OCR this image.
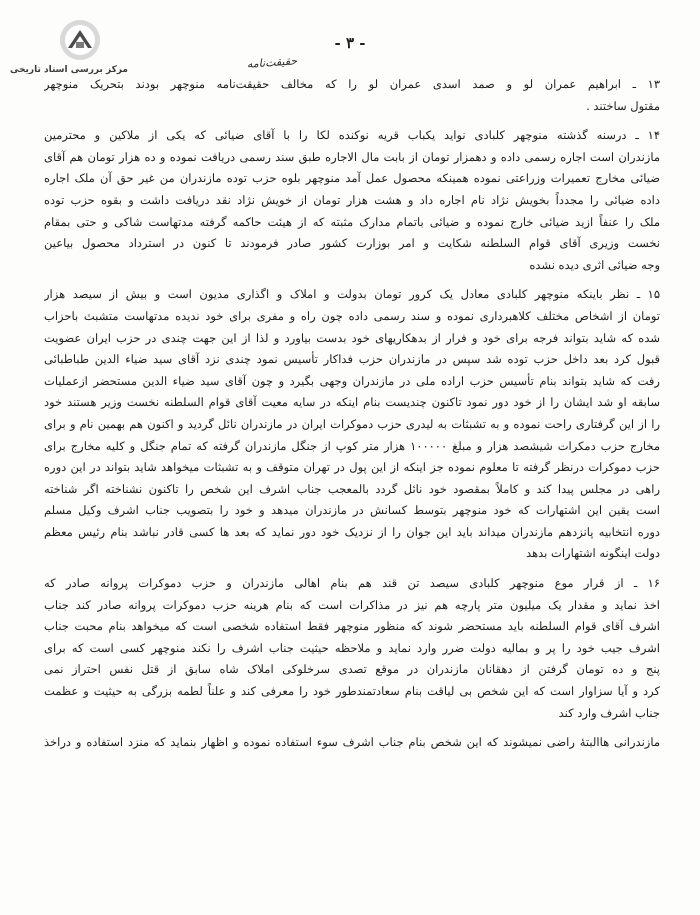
مرکز بررسی اسناد تاریخی
- ۳ -
حقیقت‌نامه
۱۳ ـ ابراهیم عمران لو و صمد اسدی عمران لو را که مخالف حقیقت‌نامه منوچهر بودند بتحریک منوچهر
مقتول ساختند .
۱۴ ـ درسنه گذشته منوچهر کلبادی نواید یکباب قریه نوکنده لکا را با آقای ضیائی که یکی از ملاکین و محترمین
مازندران است اجاره رسمی داده و دهمزار تومان از بابت مال الاجاره طبق سند رسمی دریافت نموده و ده هزار تومان هم آقای
ضیائی مخارج تعمیرات وزراعتی نموده همینکه محصول عمل آمد منوچهر بلوه حزب توده مازندران من غیر حق آن ملک اجاره
داده ضیائی را مجدداً بخویش نژاد نام اجاره داد و هشت هزار تومان از خویش نژاد نقد دریافت داشت و بقوه حزب توده
ملک را عنفاً ازید ضیائی خارج نموده و ضیائی باتمام مدارک مثبته که از هیئت حاکمه گرفته مدتهاست شاکی و حتی بمقام
نخست وزیری آقای قوام السلطنه شکایت و امر بوزارت کشور صادر فرمودند تا کنون در استرداد محصول بیاعین
وجه ضیائی اثری دیده نشده
۱۵ ـ نظر باینکه منوچهر کلبادی معادل یک کرور تومان بدولت و املاک و اگذاری مدیون است و بیش از سیصد هزار
تومان از اشخاص مختلف کلاهبرداری نموده و سند رسمی داده چون راه و مفری برای خود ندیده مدتهاست متشبث باحزاب
شده که شاید بتواند فرجه برای خود و فرار از بدهکاریهای خود بدست بیاورد و لذا از این جهت چندی در حزب ایران عضویت
قبول کرد بعد داخل حزب توده شد سپس در مازندران حزب فداکار تأسیس نمود چندی نزد آقای سید ضیاء الدین طباطبائی
رفت که شاید بتواند بنام تأسیس حزب اراده ملی در مازندران وجهی بگیرد و چون آقای سید ضیاء الدین مستحضر ازعملیات
سابقه او شد ایشان را از خود دور نمود تاکنون چندیست بنام اینکه در سایه معیت آقای قوام السلطنه نخست وزیر هستند خود
را از این گرفتاری راحت نموده و به تشبثات به لیدری حزب دموکرات ایران در مازندران نائل گردید و اکنون هم بهمین نام و برای
مخارج حزب دمکرات شیشصد هزار و مبلغ ۱۰۰۰۰۰ هزار متر کوپ از جنگل مازندران گرفته که تمام جنگل و کلیه مخارج برای
حزب دموکرات درنظر گرفته تا معلوم نموده جز اینکه از این پول در تهران متوقف و به تشبثات میخواهد شاید بتواند در این دوره
راهی در مجلس پیدا کند و کاملاً بمقصود خود نائل گردد بالمعجب جناب اشرف این شخص را تاکنون نشناخته اگر شناخته
است یقین این اشتهارات که خود منوچهر بتوسط کسانش در مازندران میدهد و خود را بتصویب جناب اشرف وکیل مسلم
دوره انتخابیه پانزدهم مازندران میداند باید این جوان را از نزدیک خود دور نماید که بعد ها کسی قادر نباشد بنام رئیس معظم
دولت اینگونه اشتهارات بدهد
۱۶ ـ از قرار موع منوچهر کلبادی سیصد تن قند هم بنام اهالی مازندران و حزب دموکرات پروانه صادر که
اخذ نماید و مقدار یک میلیون متر پارچه هم نیز در مذاکرات است که بنام هرینه حزب دموکرات پروانه صادر کند جناب
اشرف آقای قوام السلطنه باید مستحضر شوند که منظور منوچهر فقط استفاده شخصی است که میخواهد بنام محبت جناب
اشرف جیب خود را پر و بمالیه دولت ضرر وارد نماید و ملاحظه حیثیت جناب اشرف را نکند منوچهر کسی است که برای
پنج و ده تومان گرفتن از دهقانان مازندران در موقع تصدی سرخلوکی املاک شاه سابق از قتل نفس احتراز نمی
کرد و آیا سزاوار است که این شخص بی لیاقت بنام سعادتمندطور خود را معرفی کند و علناً لطمه بزرگی به حیثیت و عظمت
جناب اشرف وارد کند
مازندرانی هاالبتهٔ راضی نمیشوند که این شخص بنام جناب اشرف سوء استفاده نموده و اظهار بنماید که منزد استفاده و دراخذ
